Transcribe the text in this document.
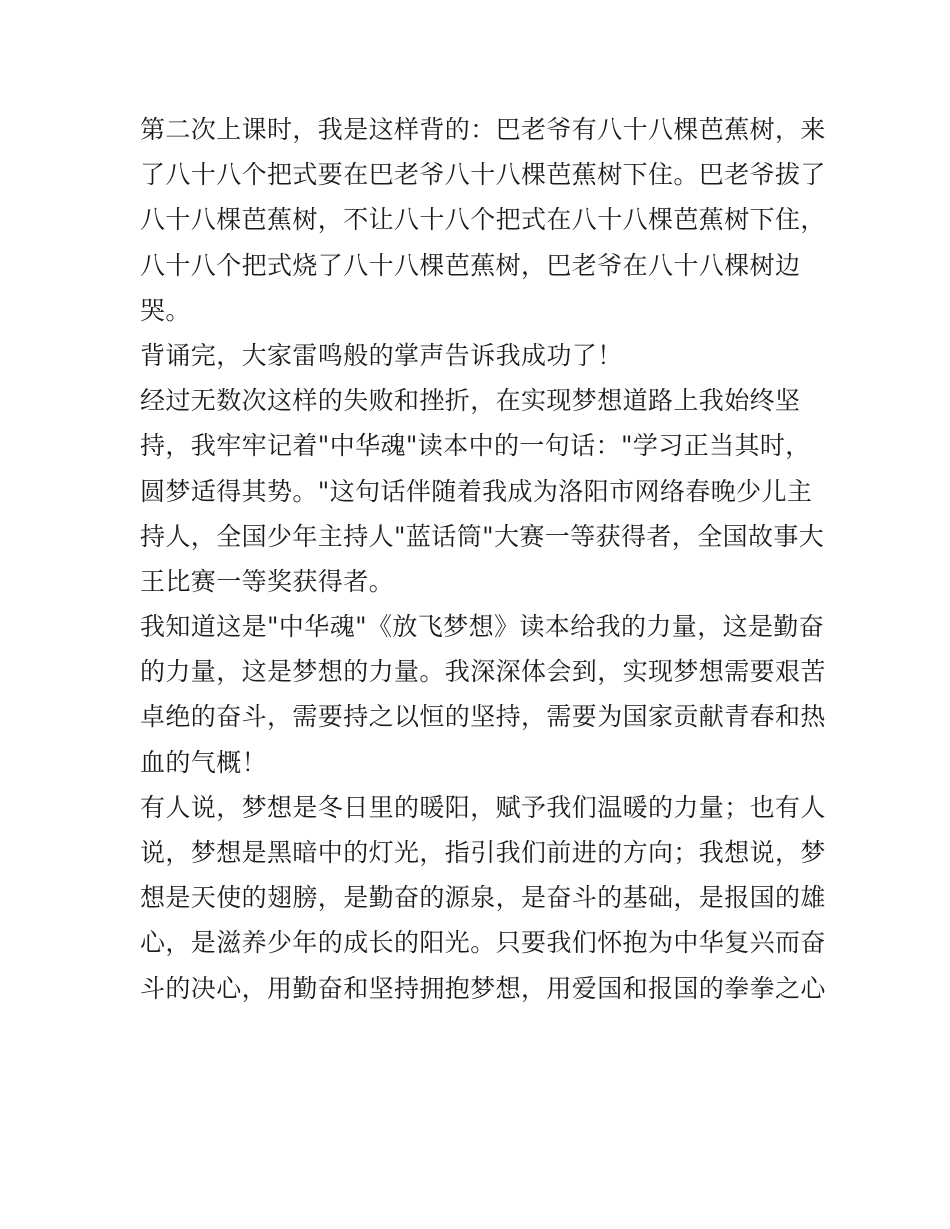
第二次上课时，我是这样背的：巴老爷有八十八棵芭蕉树，来
了八十八个把式要在巴老爷八十八棵芭蕉树下住。巴老爷拔了
八十八棵芭蕉树，不让八十八个把式在八十八棵芭蕉树下住，
八十八个把式烧了八十八棵芭蕉树，巴老爷在八十八棵树边
哭。
背诵完，大家雷鸣般的掌声告诉我成功了！
经过无数次这样的失败和挫折，在实现梦想道路上我始终坚
持，我牢牢记着"中华魂"读本中的一句话："学习正当其时，
圆梦适得其势。"这句话伴随着我成为洛阳市网络春晚少儿主
持人，全国少年主持人"蓝话筒"大赛一等获得者，全国故事大
王比赛一等奖获得者。
我知道这是"中华魂"《放飞梦想》读本给我的力量，这是勤奋
的力量，这是梦想的力量。我深深体会到，实现梦想需要艰苦
卓绝的奋斗，需要持之以恒的坚持，需要为国家贡献青春和热
血的气概！
有人说，梦想是冬日里的暖阳，赋予我们温暖的力量；也有人
说，梦想是黑暗中的灯光，指引我们前进的方向；我想说，梦
想是天使的翅膀，是勤奋的源泉，是奋斗的基础，是报国的雄
心，是滋养少年的成长的阳光。只要我们怀抱为中华复兴而奋
斗的决心，用勤奋和坚持拥抱梦想，用爱国和报国的拳拳之心
